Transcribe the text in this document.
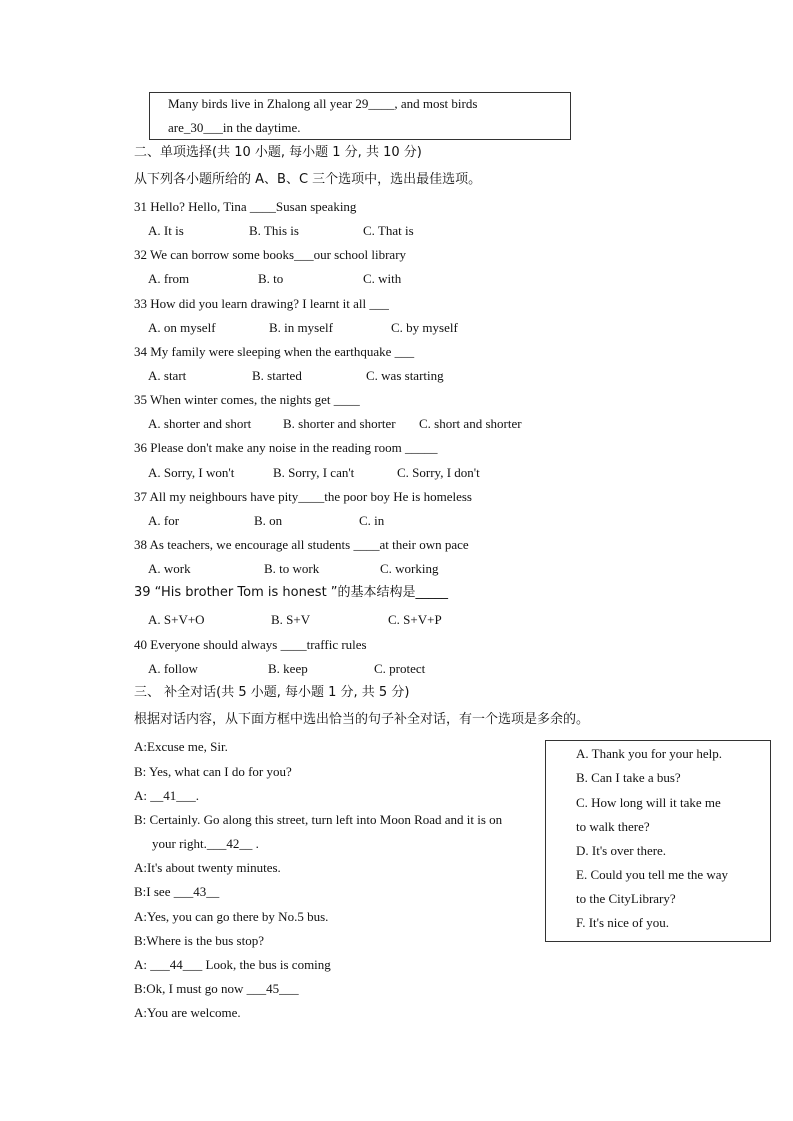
Many birds live in Zhalong all year 29____, and most birds
are_30___in the daytime.
二、单项选择(共 10 小题, 每小题 1 分, 共 10 分)
从下列各小题所给的 A、B、C 三个选项中，选出最佳选项。
31 Hello? Hello, Tina ____Susan speaking
A. It is	B. This is	C. That is
32 We can borrow some books___our school library
A. from	B. to	C. with
33 How did you learn drawing? I learnt it all ___
A. on myself	B. in myself	C. by myself
34 My family were sleeping when the earthquake ___
A. start	B. started	C. was starting
35 When winter comes, the nights get ____
A. shorter and short B. shorter and shorter C. short and shorter
36 Please don't make any noise in the reading room _____
A. Sorry, I won't	B. Sorry, I can't	C. Sorry, I don't
37 All my neighbours have pity____the poor boy He is homeless
A. for	B. on	C. in
38 As teachers, we encourage all students ____at their own pace
A. work	B. to work	C. working
39 “His brother Tom is honest ”的基本结构是_____
A. S+V+O	B. S+V	C. S+V+P
40 Everyone should always ____traffic rules
A. follow	B. keep	C. protect
三、 补全对话(共 5 小题, 每小题 1 分, 共 5 分)
根据对话内容，从下面方框中选出恰当的句子补全对话，有一个选项是多余的。
A:Excuse me, Sir.
B: Yes, what can I do for you?
A: __41___.
B: Certainly. Go along this street, turn left into Moon Road and it is on
your right.___42__ .
A:It's about twenty minutes.
B:I see ___43__
A:Yes, you can go there by No.5 bus.
B:Where is the bus stop?
A: ___44___ Look, the bus is coming
B:Ok, I must go now ___45___
A:You are welcome.
A. Thank you for your help.
B. Can I take a bus?
C. How long will it take me
to walk there?
D. It's over there.
E. Could you tell me the way
to the CityLibrary?
F. It's nice of you.
